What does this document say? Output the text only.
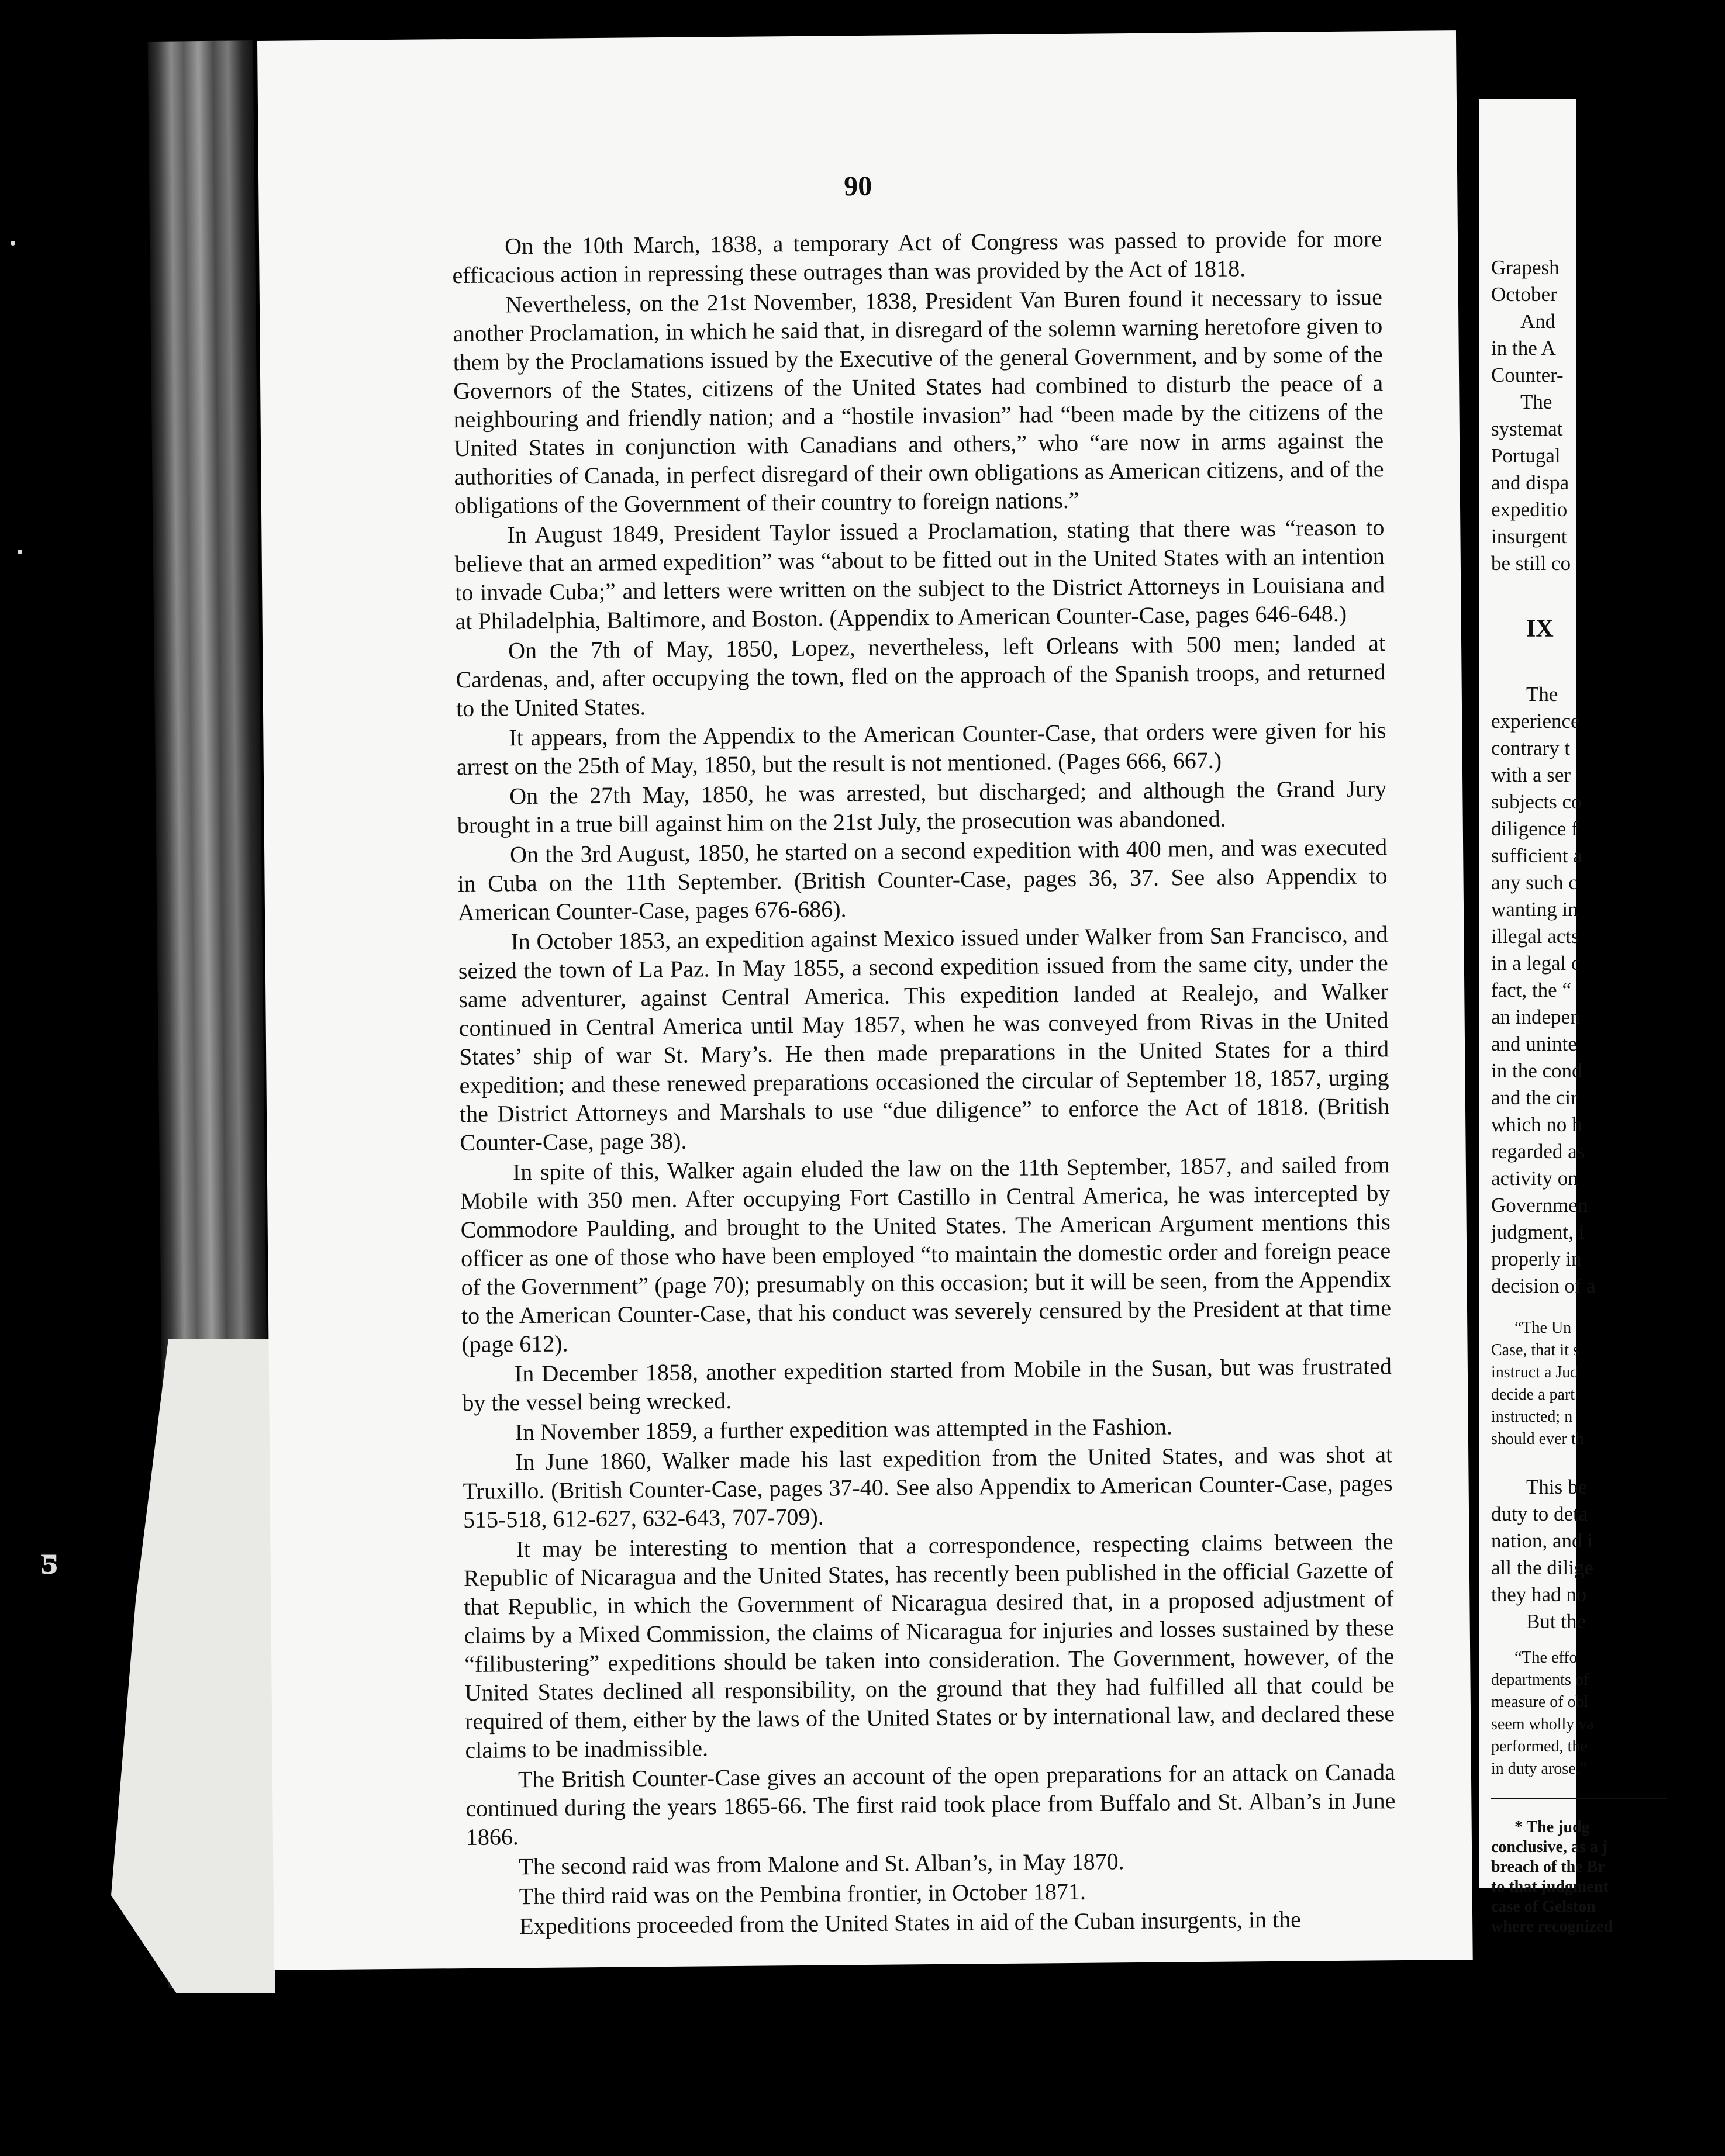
ƽ
90

On the 10th March, 1838, a temporary Act of Congress was passed to provide for more efficacious action in repressing these outrages than was provided by the Act of 1818.

Nevertheless, on the 21st November, 1838, President Van Buren found it necessary to issue another Proclamation, in which he said that, in disregard of the solemn warning heretofore given to them by the Proclamations issued by the Executive of the general Government, and by some of the Governors of the States, citizens of the United States had combined to disturb the peace of a neighbouring and friendly nation; and a “hostile invasion” had “been made by the citizens of the United States in conjunction with Canadians and others,” who “are now in arms against the authorities of Canada, in perfect disregard of their own obligations as American citizens, and of the obligations of the Government of their country to foreign nations.”

In August 1849, President Taylor issued a Proclamation, stating that there was “reason to believe that an armed expedition” was “about to be fitted out in the United States with an intention to invade Cuba;” and letters were written on the subject to the District Attorneys in Louisiana and at Philadelphia, Baltimore, and Boston. (Appendix to American Counter-Case, pages 646-648.)

On the 7th of May, 1850, Lopez, nevertheless, left Orleans with 500 men; landed at Cardenas, and, after occupying the town, fled on the approach of the Spanish troops, and returned to the United States.

It appears, from the Appendix to the American Counter-Case, that orders were given for his arrest on the 25th of May, 1850, but the result is not mentioned. (Pages 666, 667.)

On the 27th May, 1850, he was arrested, but discharged; and although the Grand Jury brought in a true bill against him on the 21st July, the prosecution was abandoned.

On the 3rd August, 1850, he started on a second expedition with 400 men, and was executed in Cuba on the 11th September. (British Counter-Case, pages 36, 37. See also Appendix to American Counter-Case, pages 676-686).

In October 1853, an expedition against Mexico issued under Walker from San Francisco, and seized the town of La Paz. In May 1855, a second expedition issued from the same city, under the same adventurer, against Central America. This expedition landed at Realejo, and Walker continued in Central America until May 1857, when he was conveyed from Rivas in the United States’ ship of war St. Mary’s. He then made preparations in the United States for a third expedition; and these renewed preparations occasioned the circular of September 18, 1857, urging the District Attorneys and Marshals to use “due diligence” to enforce the Act of 1818. (British Counter-Case, page 38).

In spite of this, Walker again eluded the law on the 11th September, 1857, and sailed from Mobile with 350 men. After occupying Fort Castillo in Central America, he was intercepted by Commodore Paulding, and brought to the United States. The American Argument mentions this officer as one of those who have been employed “to maintain the domestic order and foreign peace of the Government” (page 70); presumably on this occasion; but it will be seen, from the Appendix to the American Counter-Case, that his conduct was severely censured by the President at that time (page 612).

In December 1858, another expedition started from Mobile in the Susan, but was frustrated by the vessel being wrecked.

In November 1859, a further expedition was attempted in the Fashion.

In June 1860, Walker made his last expedition from the United States, and was shot at Truxillo. (British Counter-Case, pages 37-40. See also Appendix to American Counter-Case, pages 515-518, 612-627, 632-643, 707-709).

It may be interesting to mention that a correspondence, respecting claims between the Republic of Nicaragua and the United States, has recently been published in the official Gazette of that Republic, in which the Government of Nicaragua desired that, in a proposed adjustment of claims by a Mixed Commission, the claims of Nicaragua for injuries and losses sustained by these “filibustering” expeditions should be taken into consideration. The Government, however, of the United States declined all responsibility, on the ground that they had fulfilled all that could be required of them, either by the laws of the United States or by international law, and declared these claims to be inadmissible.

The British Counter-Case gives an account of the open preparations for an attack on Canada continued during the years 1865-66. The first raid took place from Buffalo and St. Alban’s in June 1866.

The second raid was from Malone and St. Alban’s, in May 1870.

The third raid was on the Pembina frontier, in October 1871.

Expeditions proceeded from the United States in aid of the Cuban insurgents, in the

Grapesh
October
And
in the A
Counter-
The
systemat
Portugal
and dispa
expeditio
insurgent
be still co
IX
The
experience
contrary t
with a ser
subjects co
diligence f
sufficient a
any such c
wanting in
illegal acts
in a legal c
fact, the “
an indepen
and uninte
in the cond
and the cir
which no h
regarded as
activity on
Governmen
judgment, i
properly in
decision of a
“The Un
Case, that it s
instruct a Jud
decide a part
instructed; n
should ever th
This be
duty to deta
nation, and i
all the dilige
they had no
But the
“The effo
departments of
measure of obl
seem wholly va
performed, the
in duty arose.”
* The judg
conclusive, as a j
breach of the Br
to that judgment
case of Gelston
where recognized
